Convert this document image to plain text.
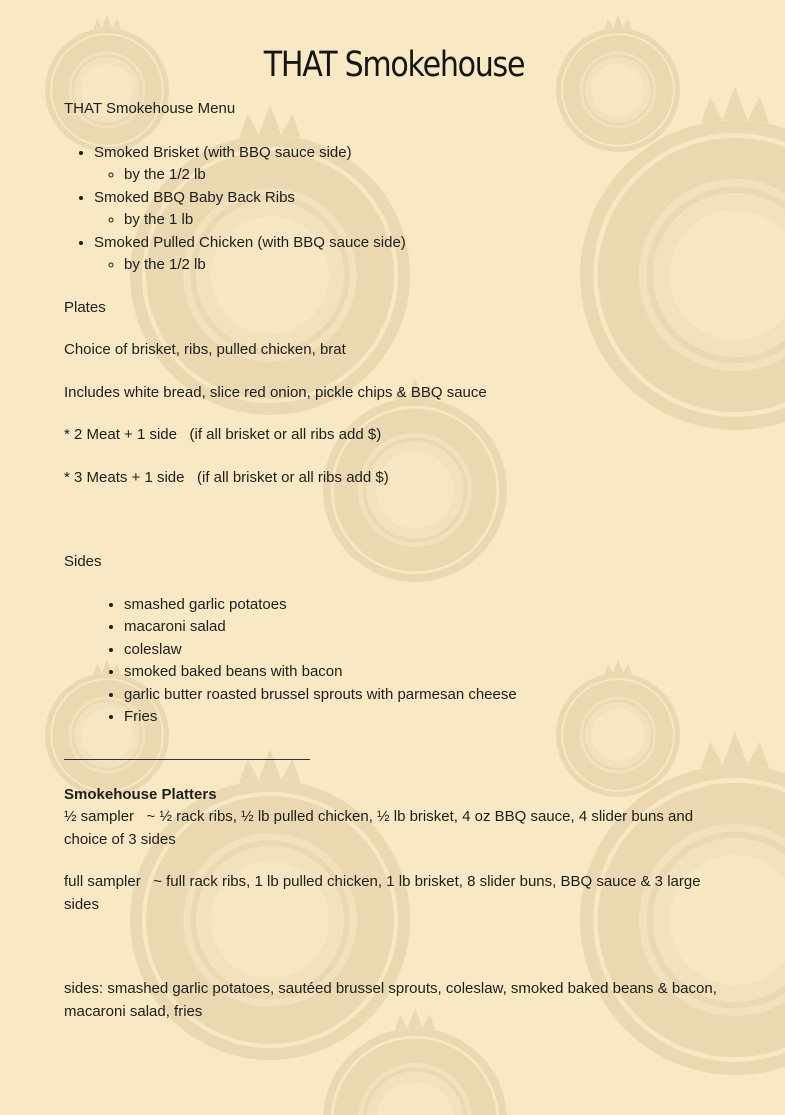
THAT Smokehouse

THAT Smokehouse Menu

• Smoked Brisket (with BBQ sauce side)
◦ by the 1/2 lb
• Smoked BBQ Baby Back Ribs
◦ by the 1 lb
• Smoked Pulled Chicken (with BBQ sauce side)
◦ by the 1/2 lb

Plates

Choice of brisket, ribs, pulled chicken, brat

Includes white bread, slice red onion, pickle chips & BBQ sauce

* 2 Meat + 1 side   (if all brisket or all ribs add $)

* 3 Meats + 1 side   (if all brisket or all ribs add $)

Sides

• smashed garlic potatoes
• macaroni salad
• coleslaw
• smoked baked beans with bacon
• garlic butter roasted brussel sprouts with parmesan cheese
• Fries

Smokehouse Platters

½ sampler   ~ ½ rack ribs, ½ lb pulled chicken, ½ lb brisket, 4 oz BBQ sauce, 4 slider buns and choice of 3 sides

full sampler   ~ full rack ribs, 1 lb pulled chicken, 1 lb brisket, 8 slider buns, BBQ sauce & 3 large sides

sides: smashed garlic potatoes, sautéed brussel sprouts, coleslaw, smoked baked beans & bacon, macaroni salad, fries
